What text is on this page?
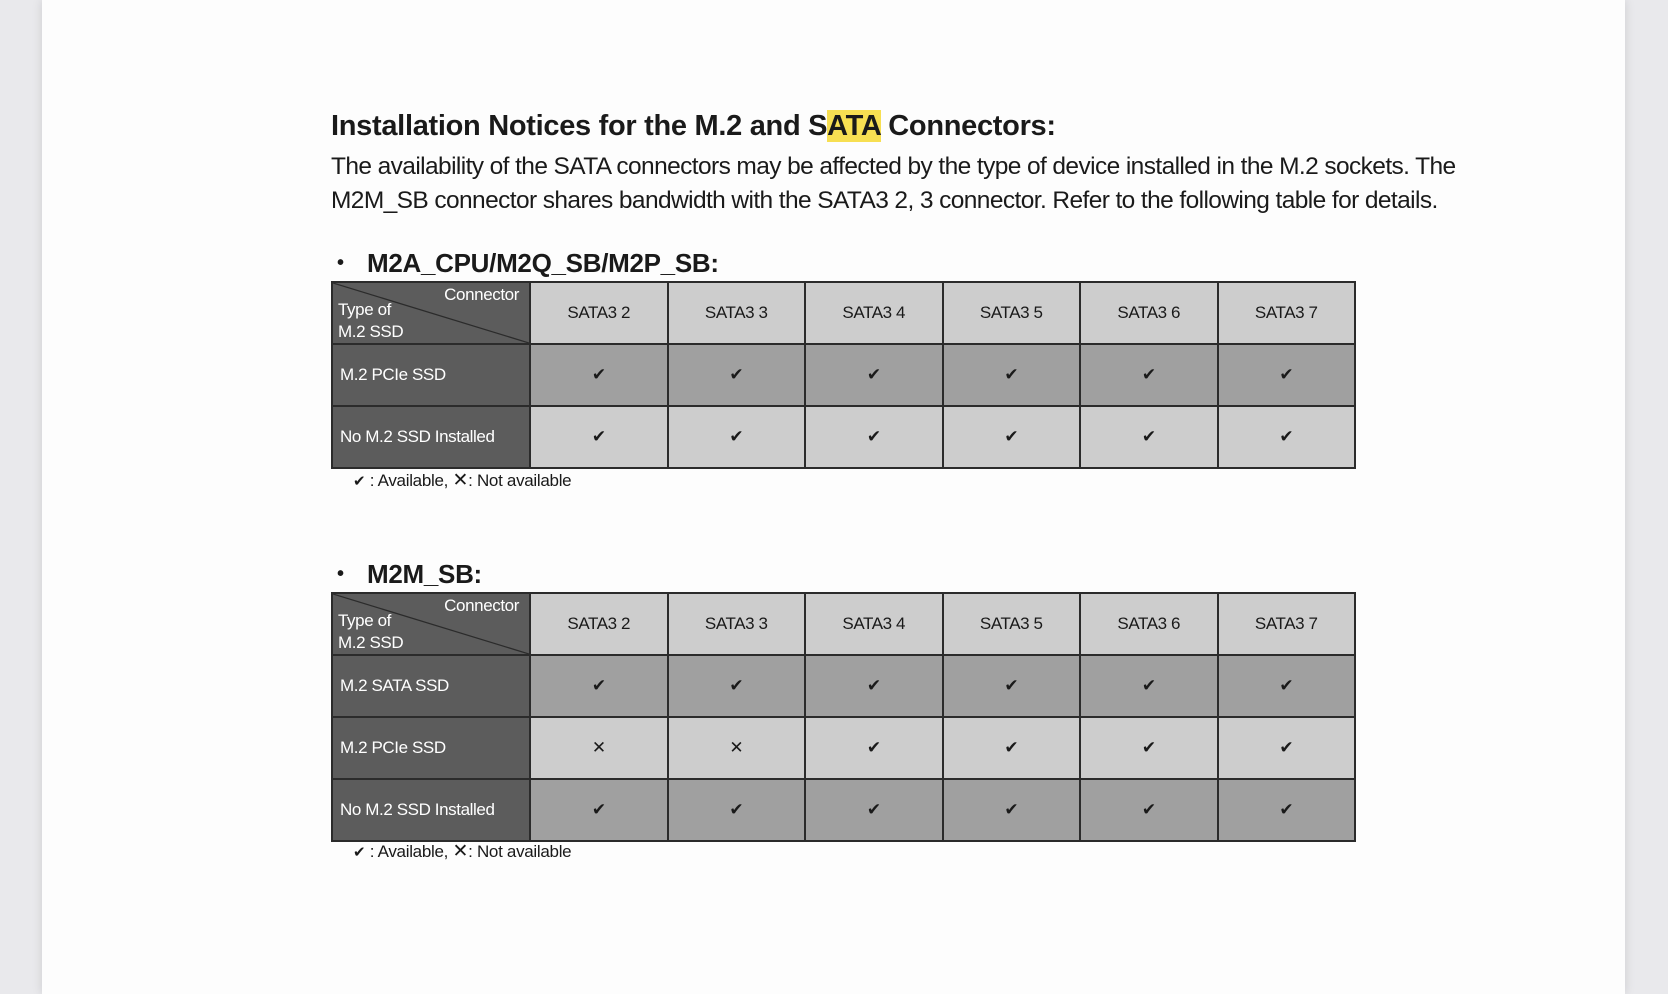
Installation Notices for the M.2 and SATA Connectors:

The availability of the SATA connectors may be affected by the type of device installed in the M.2 sockets. The
M2M_SB connector shares bandwidth with the SATA3 2, 3 connector. Refer to the following table for details.

• M2A_CPU/M2Q_SB/M2P_SB:
Connector
Type of
M.2 SSD	SATA3 2	SATA3 3	SATA3 4	SATA3 5	SATA3 6	SATA3 7
M.2 PCIe SSD	✔	✔	✔	✔	✔	✔
No M.2 SSD Installed	✔	✔	✔	✔	✔	✔
✔ : Available, ✕: Not available
• M2M_SB:
Connector
Type of
M.2 SSD	SATA3 2	SATA3 3	SATA3 4	SATA3 5	SATA3 6	SATA3 7
M.2 SATA SSD	✔	✔	✔	✔	✔	✔
M.2 PCIe SSD	✕	✕	✔	✔	✔	✔
No M.2 SSD Installed	✔	✔	✔	✔	✔	✔
✔ : Available, ✕: Not available
